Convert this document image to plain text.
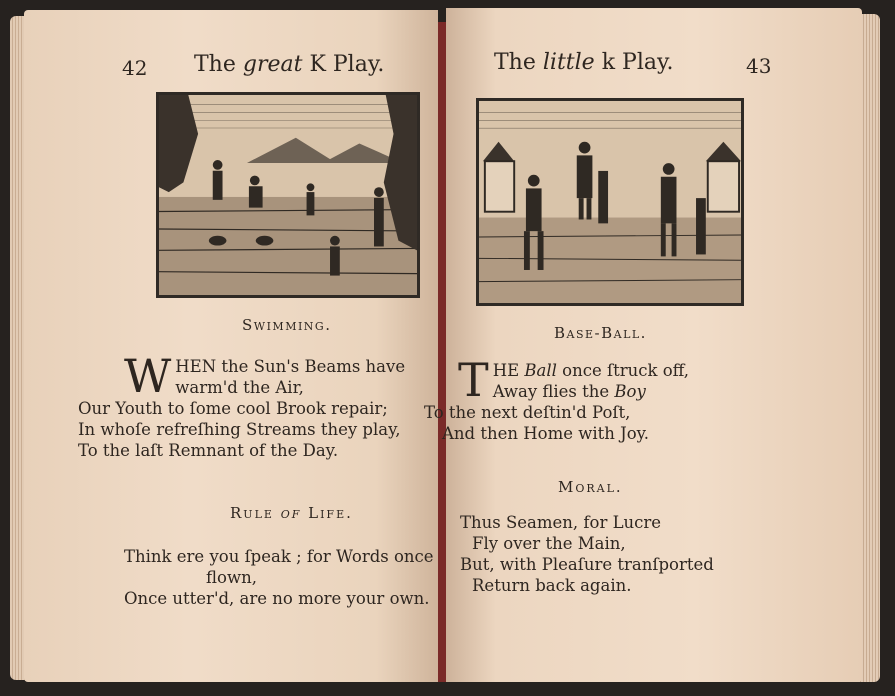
42 The great K Play.
Swimming.
W HEN the Sun's Beams have
warm'd the Air,
Our Youth to ſome cool Brook repair;
In whoſe refreſhing Streams they play,
To the laſt Remnant of the Day.
Rule of Life.
Think ere you ſpeak ; for Words once
flown,
Once utter'd, are no more your own.
The little k Play.	43
Base-Ball.
T HE Ball once ſtruck off,
Away flies the Boy
To the next deſtin'd Poſt,
And then Home with Joy.
Moral.
Thus Seamen, for Lucre
Fly over the Main,
But, with Pleaſure tranſported
Return back again.
